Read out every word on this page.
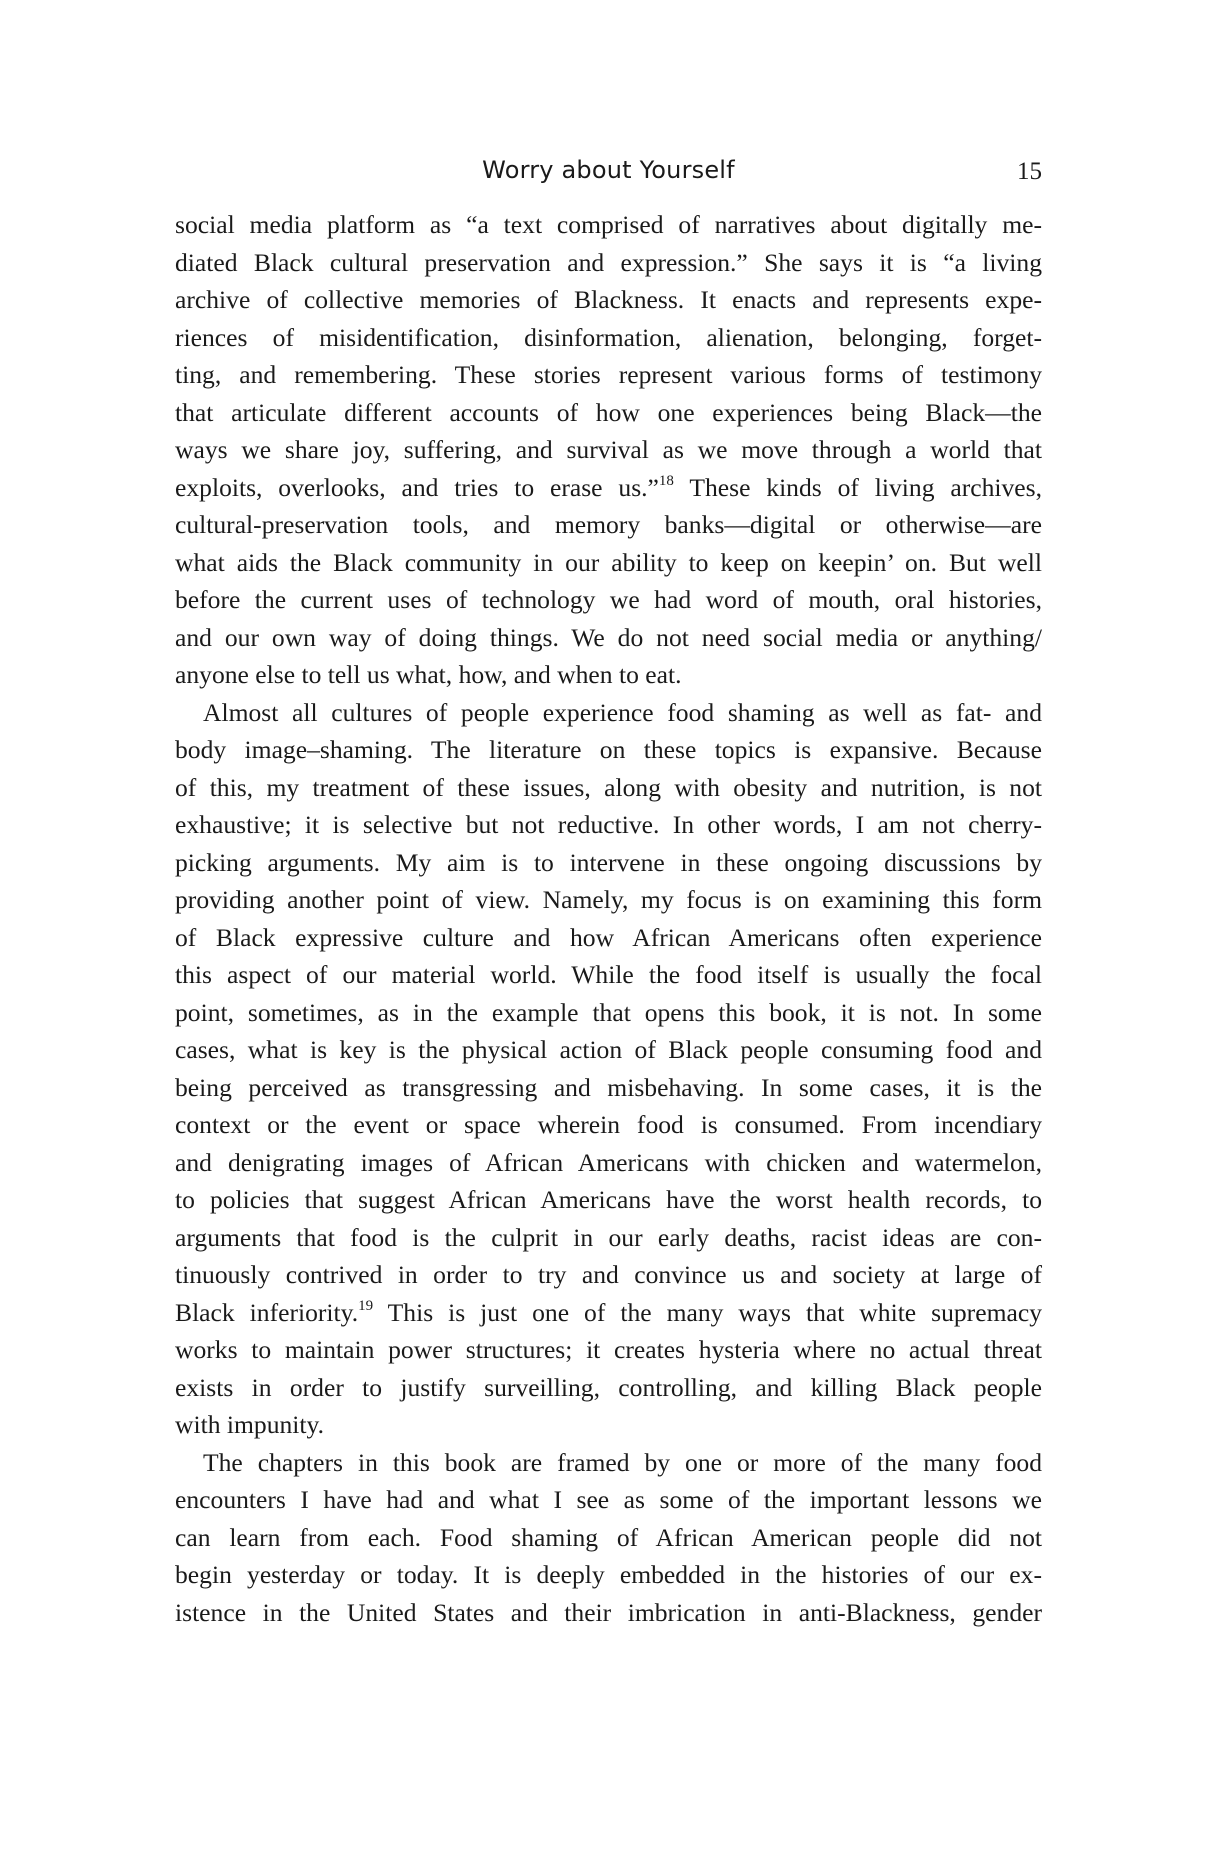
Worry about Yourself	15
social media platform as “a text comprised of narratives about digitally me-
diated Black cultural preservation and expression.” She says it is “a living
archive of collective memories of Blackness. It enacts and represents expe-
riences of misidentification, disinformation, alienation, belonging, forget-
ting, and remembering. These stories represent various forms of testimony
that articulate different accounts of how one experiences being Black—the
ways we share joy, suffering, and survival as we move through a world that
exploits, overlooks, and tries to erase us.”$^{18}$ These kinds of living archives,
cultural-preservation tools, and memory banks—digital or otherwise—are
what aids the Black community in our ability to keep on keepin’ on. But well
before the current uses of technology we had word of mouth, oral histories,
and our own way of doing things. We do not need social media or anything/
anyone else to tell us what, how, and when to eat.
Almost all cultures of people experience food shaming as well as fat- and
body image–shaming. The literature on these topics is expansive. Because
of this, my treatment of these issues, along with obesity and nutrition, is not
exhaustive; it is selective but not reductive. In other words, I am not cherry-
picking arguments. My aim is to intervene in these ongoing discussions by
providing another point of view. Namely, my focus is on examining this form
of Black expressive culture and how African Americans often experience
this aspect of our material world. While the food itself is usually the focal
point, sometimes, as in the example that opens this book, it is not. In some
cases, what is key is the physical action of Black people consuming food and
being perceived as transgressing and misbehaving. In some cases, it is the
context or the event or space wherein food is consumed. From incendiary
and denigrating images of African Americans with chicken and watermelon,
to policies that suggest African Americans have the worst health records, to
arguments that food is the culprit in our early deaths, racist ideas are con-
tinuously contrived in order to try and convince us and society at large of
Black inferiority.$^{19}$ This is just one of the many ways that white supremacy
works to maintain power structures; it creates hysteria where no actual threat
exists in order to justify surveilling, controlling, and killing Black people
with impunity.
The chapters in this book are framed by one or more of the many food
encounters I have had and what I see as some of the important lessons we
can learn from each. Food shaming of African American people did not
begin yesterday or today. It is deeply embedded in the histories of our ex-
istence in the United States and their imbrication in anti-Blackness, gender
